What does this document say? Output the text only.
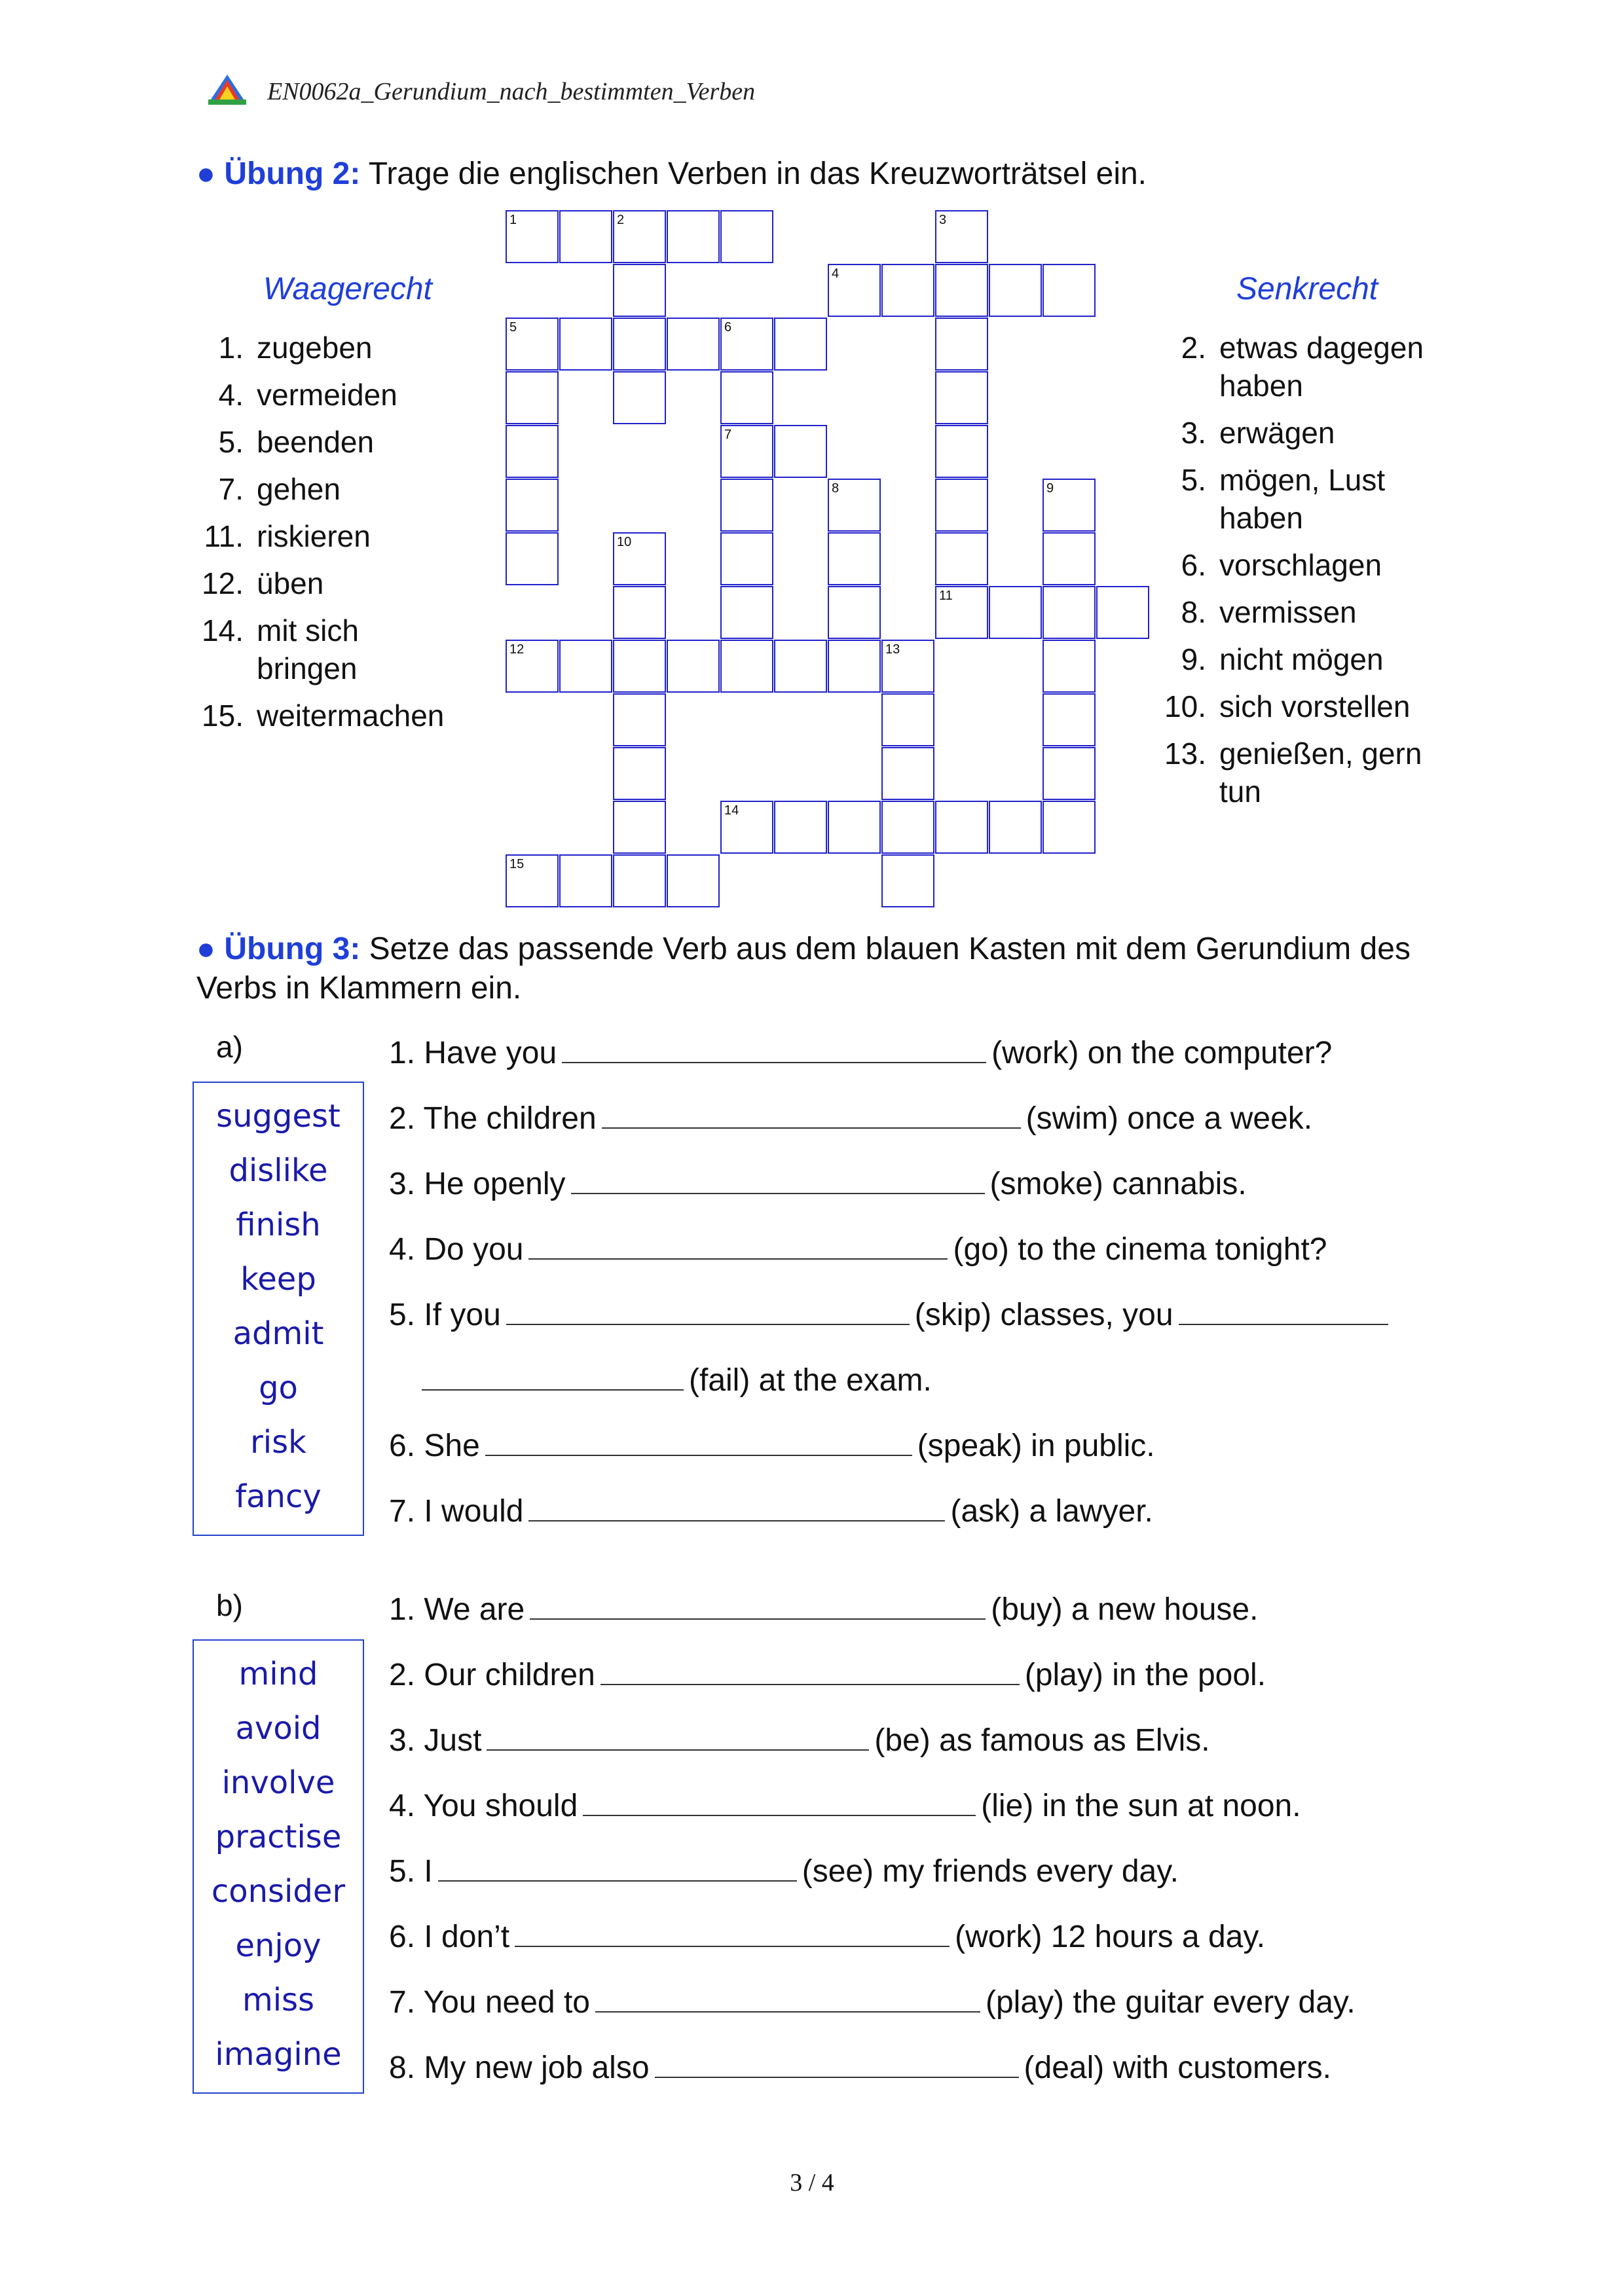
EN0062a_Gerundium_nach_bestimmten_Verben
● Übung 2: Trage die englischen Verben in das Kreuzworträtsel ein.
Waagerecht
1. zugeben
4. vermeiden
5. beenden
7. gehen
11. riskieren
12. üben
14. mit sich bringen
15. weitermachen
Senkrecht
2. etwas dagegen haben
3. erwägen
5. mögen, Lust haben
6. vorschlagen
8. vermissen
9. nicht mögen
10. sich vorstellen
13. genießen, gern tun
1	2	3
4
5	6
7
8	9
10
11
12	13
14
15
● Übung 3: Setze das passende Verb aus dem blauen Kasten mit dem Gerundium des
Verbs in Klammern ein.
a)
suggest
dislike
finish
keep
admit
go
risk
fancy
1. Have you	(work) on the computer?
2. The children	(swim) once a week.
3. He openly	(smoke) cannabis.
4. Do you	(go) to the cinema tonight?
5. If you	(skip) classes, you
(fail) at the exam.
6. She	(speak) in public.
7. I would	(ask) a lawyer.
b)
mind
avoid
involve
practise
consider
enjoy
miss
imagine
1. We are	(buy) a new house.
2. Our children	(play) in the pool.
3. Just	(be) as famous as Elvis.
4. You should	(lie) in the sun at noon.
5. I	(see) my friends every day.
6. I don’t	(work) 12 hours a day.
7. You need to	(play) the guitar every day.
8. My new job also	(deal) with customers.
3 / 4
